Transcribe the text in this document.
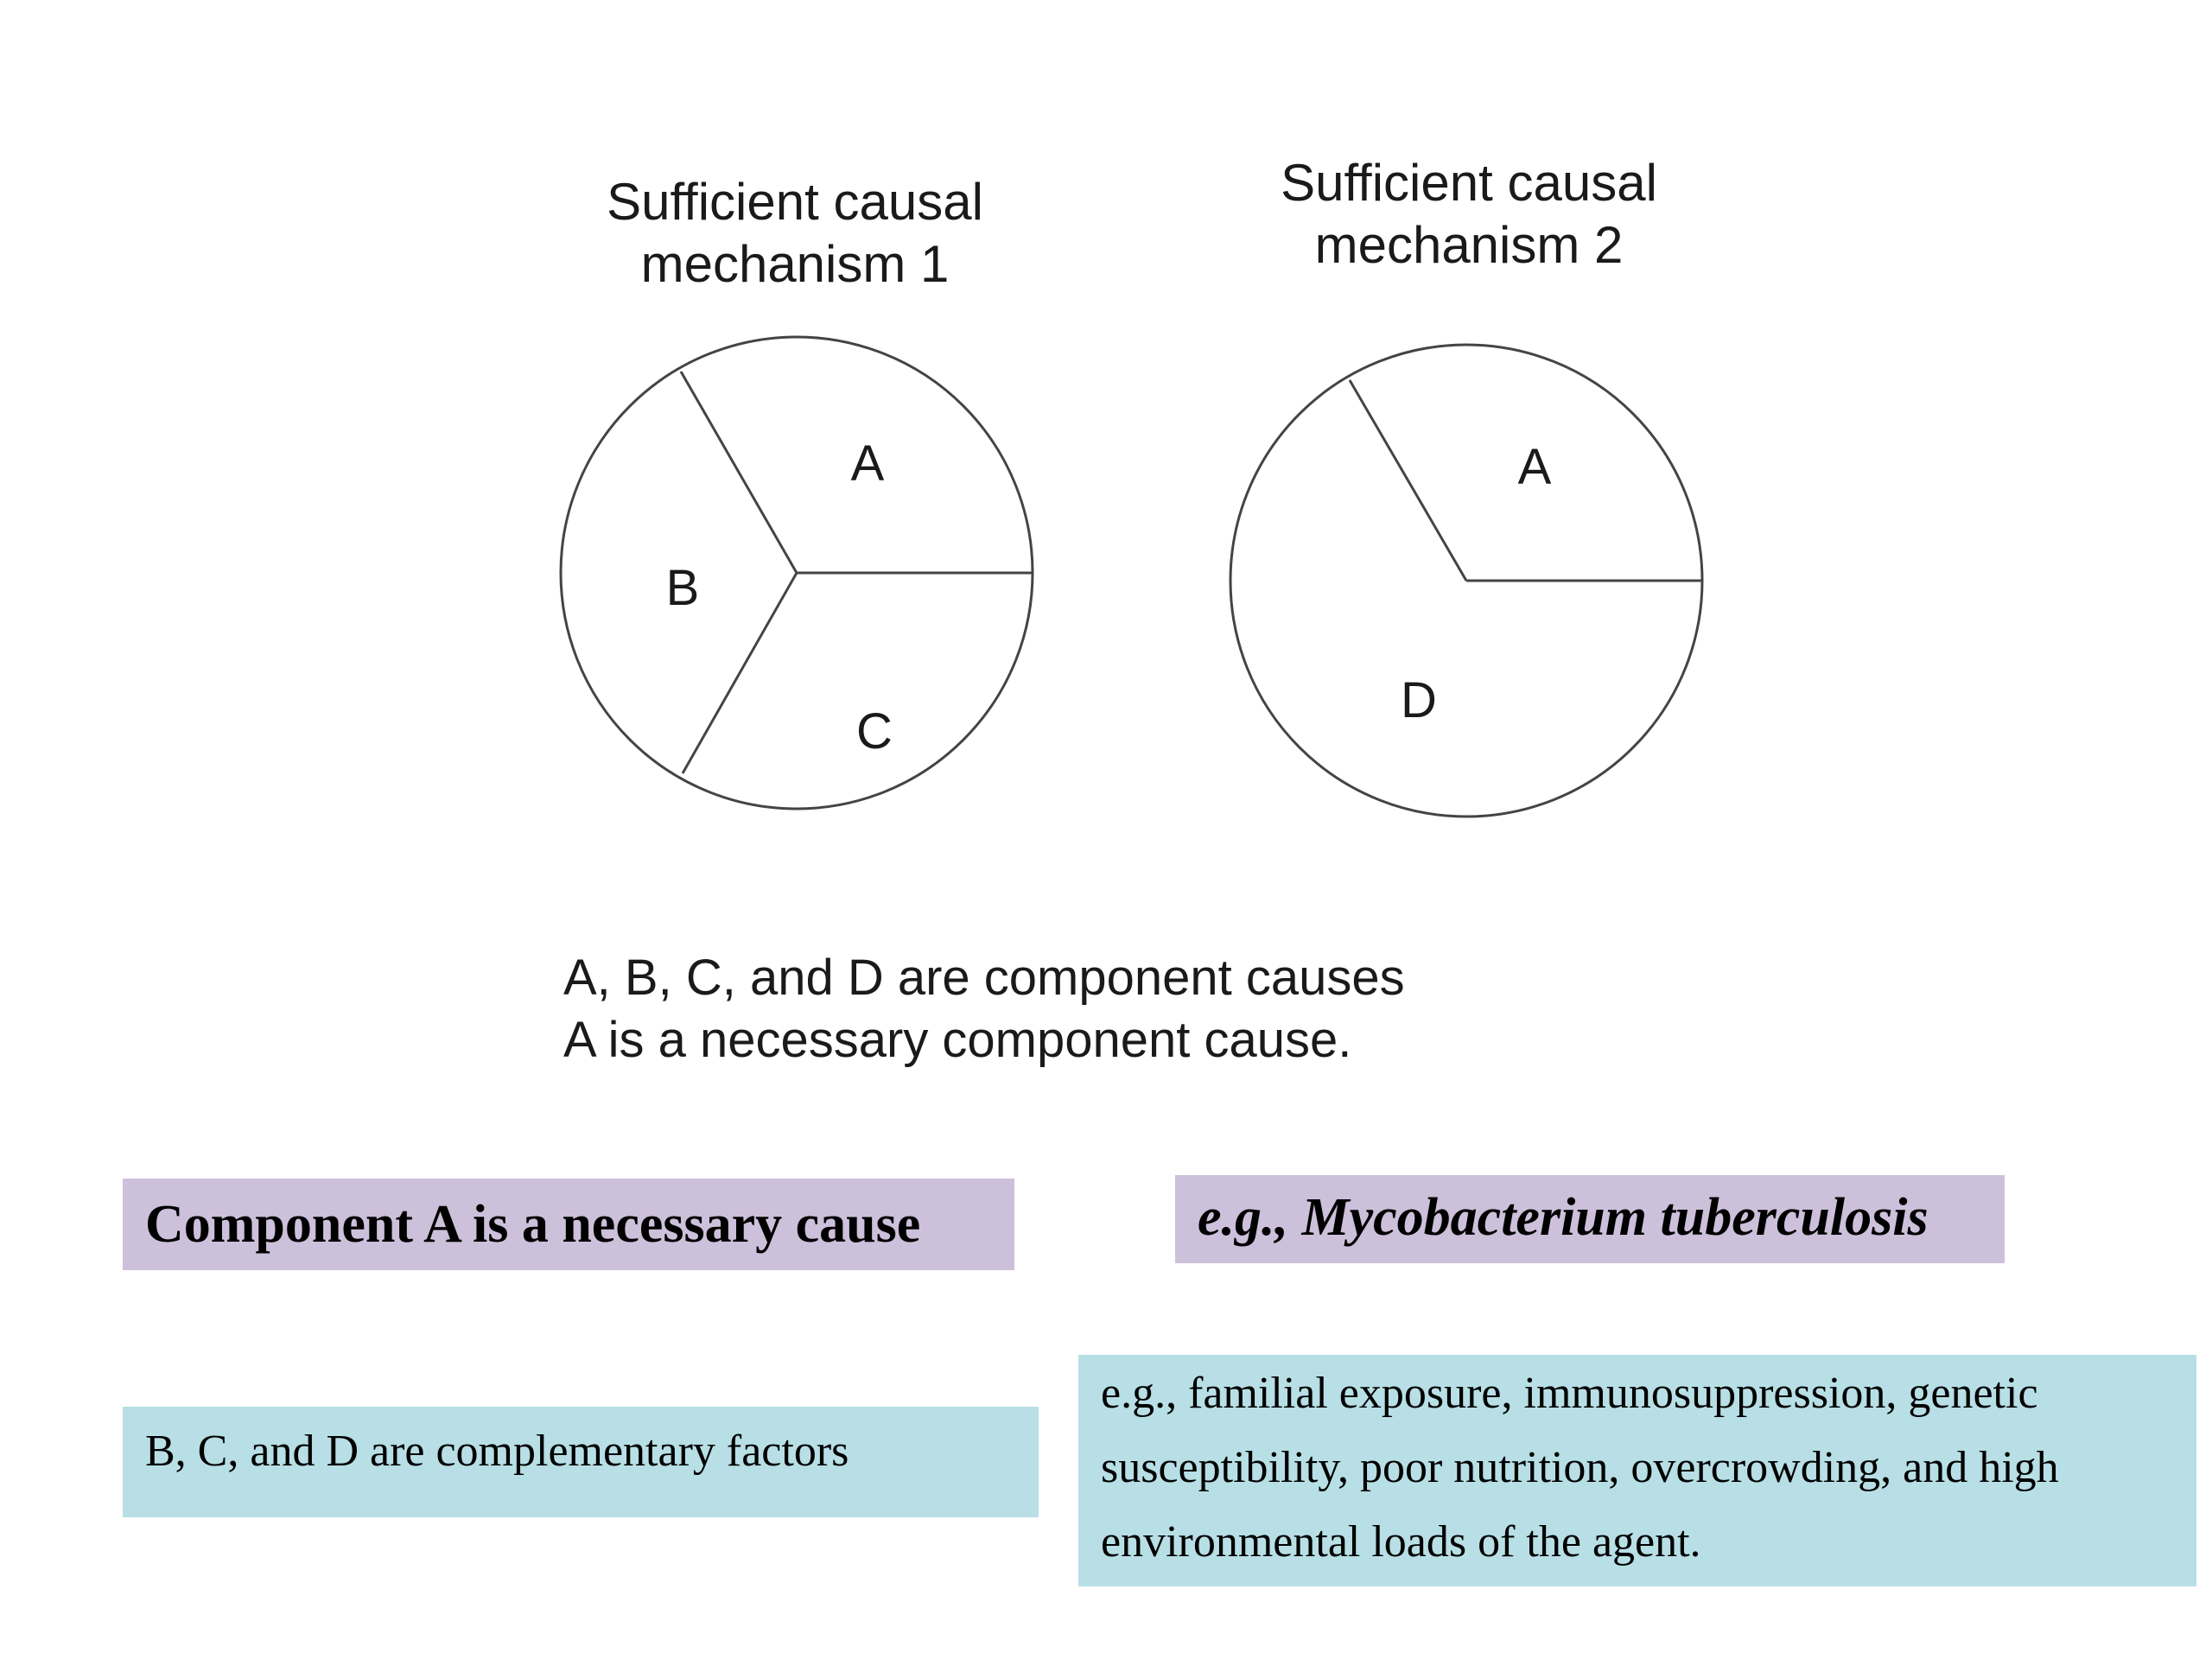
Sufficient causal
mechanism 1
Sufficient causal
mechanism 2
A
B
C
A
D
A, B, C, and D are component causes
A is a necessary component cause.
Component A is a necessary cause	e.g., Mycobacterium tuberculosis
B, C, and D are complementary factors
e.g., familial exposure, immunosuppression, genetic
susceptibility, poor nutrition, overcrowding, and high
environmental loads of the agent.
